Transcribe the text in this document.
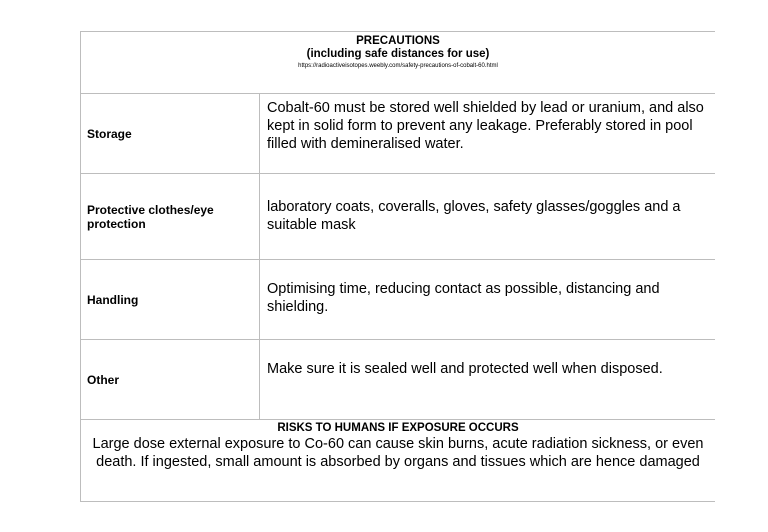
PRECAUTIONS
(including safe distances for use)
https://radioactiveisotopes.weebly.com/safety-precautions-of-cobalt-60.html
Storage
Cobalt-60 must be stored well shielded by lead or uranium, and also kept in solid form to prevent any leakage. Preferably stored in pool filled with demineralised water.
Protective clothes/eye protection
laboratory coats, coveralls, gloves, safety glasses/goggles and a suitable mask
Handling
Optimising time, reducing contact as possible, distancing and shielding.
Other
Make sure it is sealed well and protected well when disposed.
RISKS TO HUMANS IF EXPOSURE OCCURS
Large dose external exposure to Co-60 can cause skin burns, acute radiation sickness, or even death. If ingested, small amount is absorbed by organs and tissues which are hence damaged
